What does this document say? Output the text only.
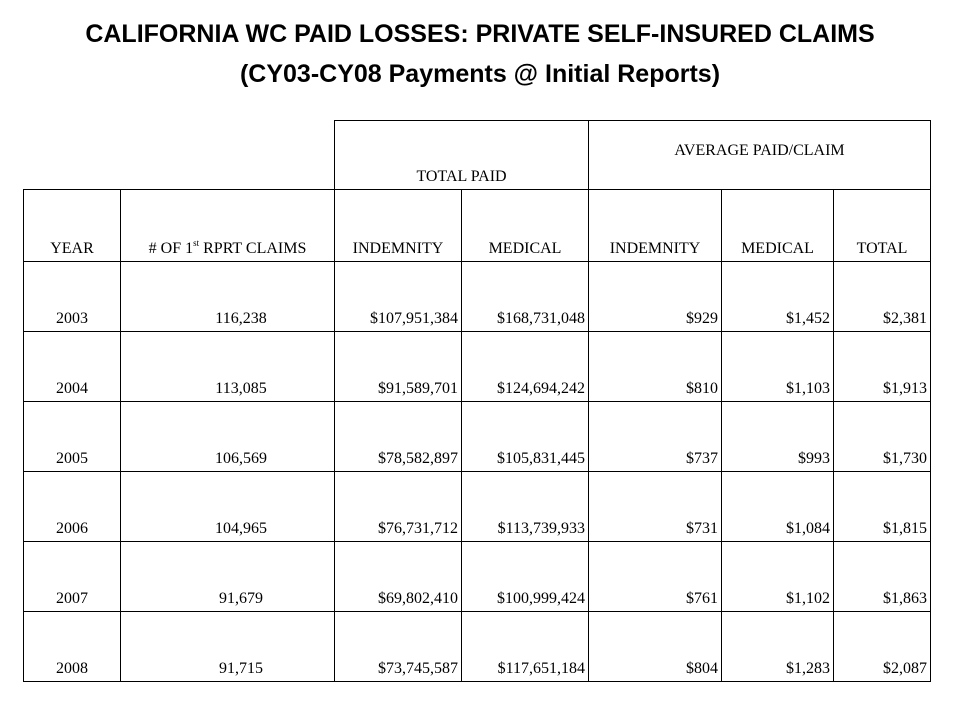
CALIFORNIA WC PAID LOSSES: PRIVATE SELF-INSURED CLAIMS
(CY03-CY08 Payments @ Initial Reports)
		TOTAL PAID		AVERAGE PAID/CLAIM		
YEAR	# OF 1st RPRT CLAIMS	INDEMNITY	MEDICAL	INDEMNITY	MEDICAL	TOTAL
2003	116,238	$107,951,384	$168,731,048	$929	$1,452	$2,381
2004	113,085	$91,589,701	$124,694,242	$810	$1,103	$1,913
2005	106,569	$78,582,897	$105,831,445	$737	$993	$1,730
2006	104,965	$76,731,712	$113,739,933	$731	$1,084	$1,815
2007	91,679	$69,802,410	$100,999,424	$761	$1,102	$1,863
2008	91,715	$73,745,587	$117,651,184	$804	$1,283	$2,087
